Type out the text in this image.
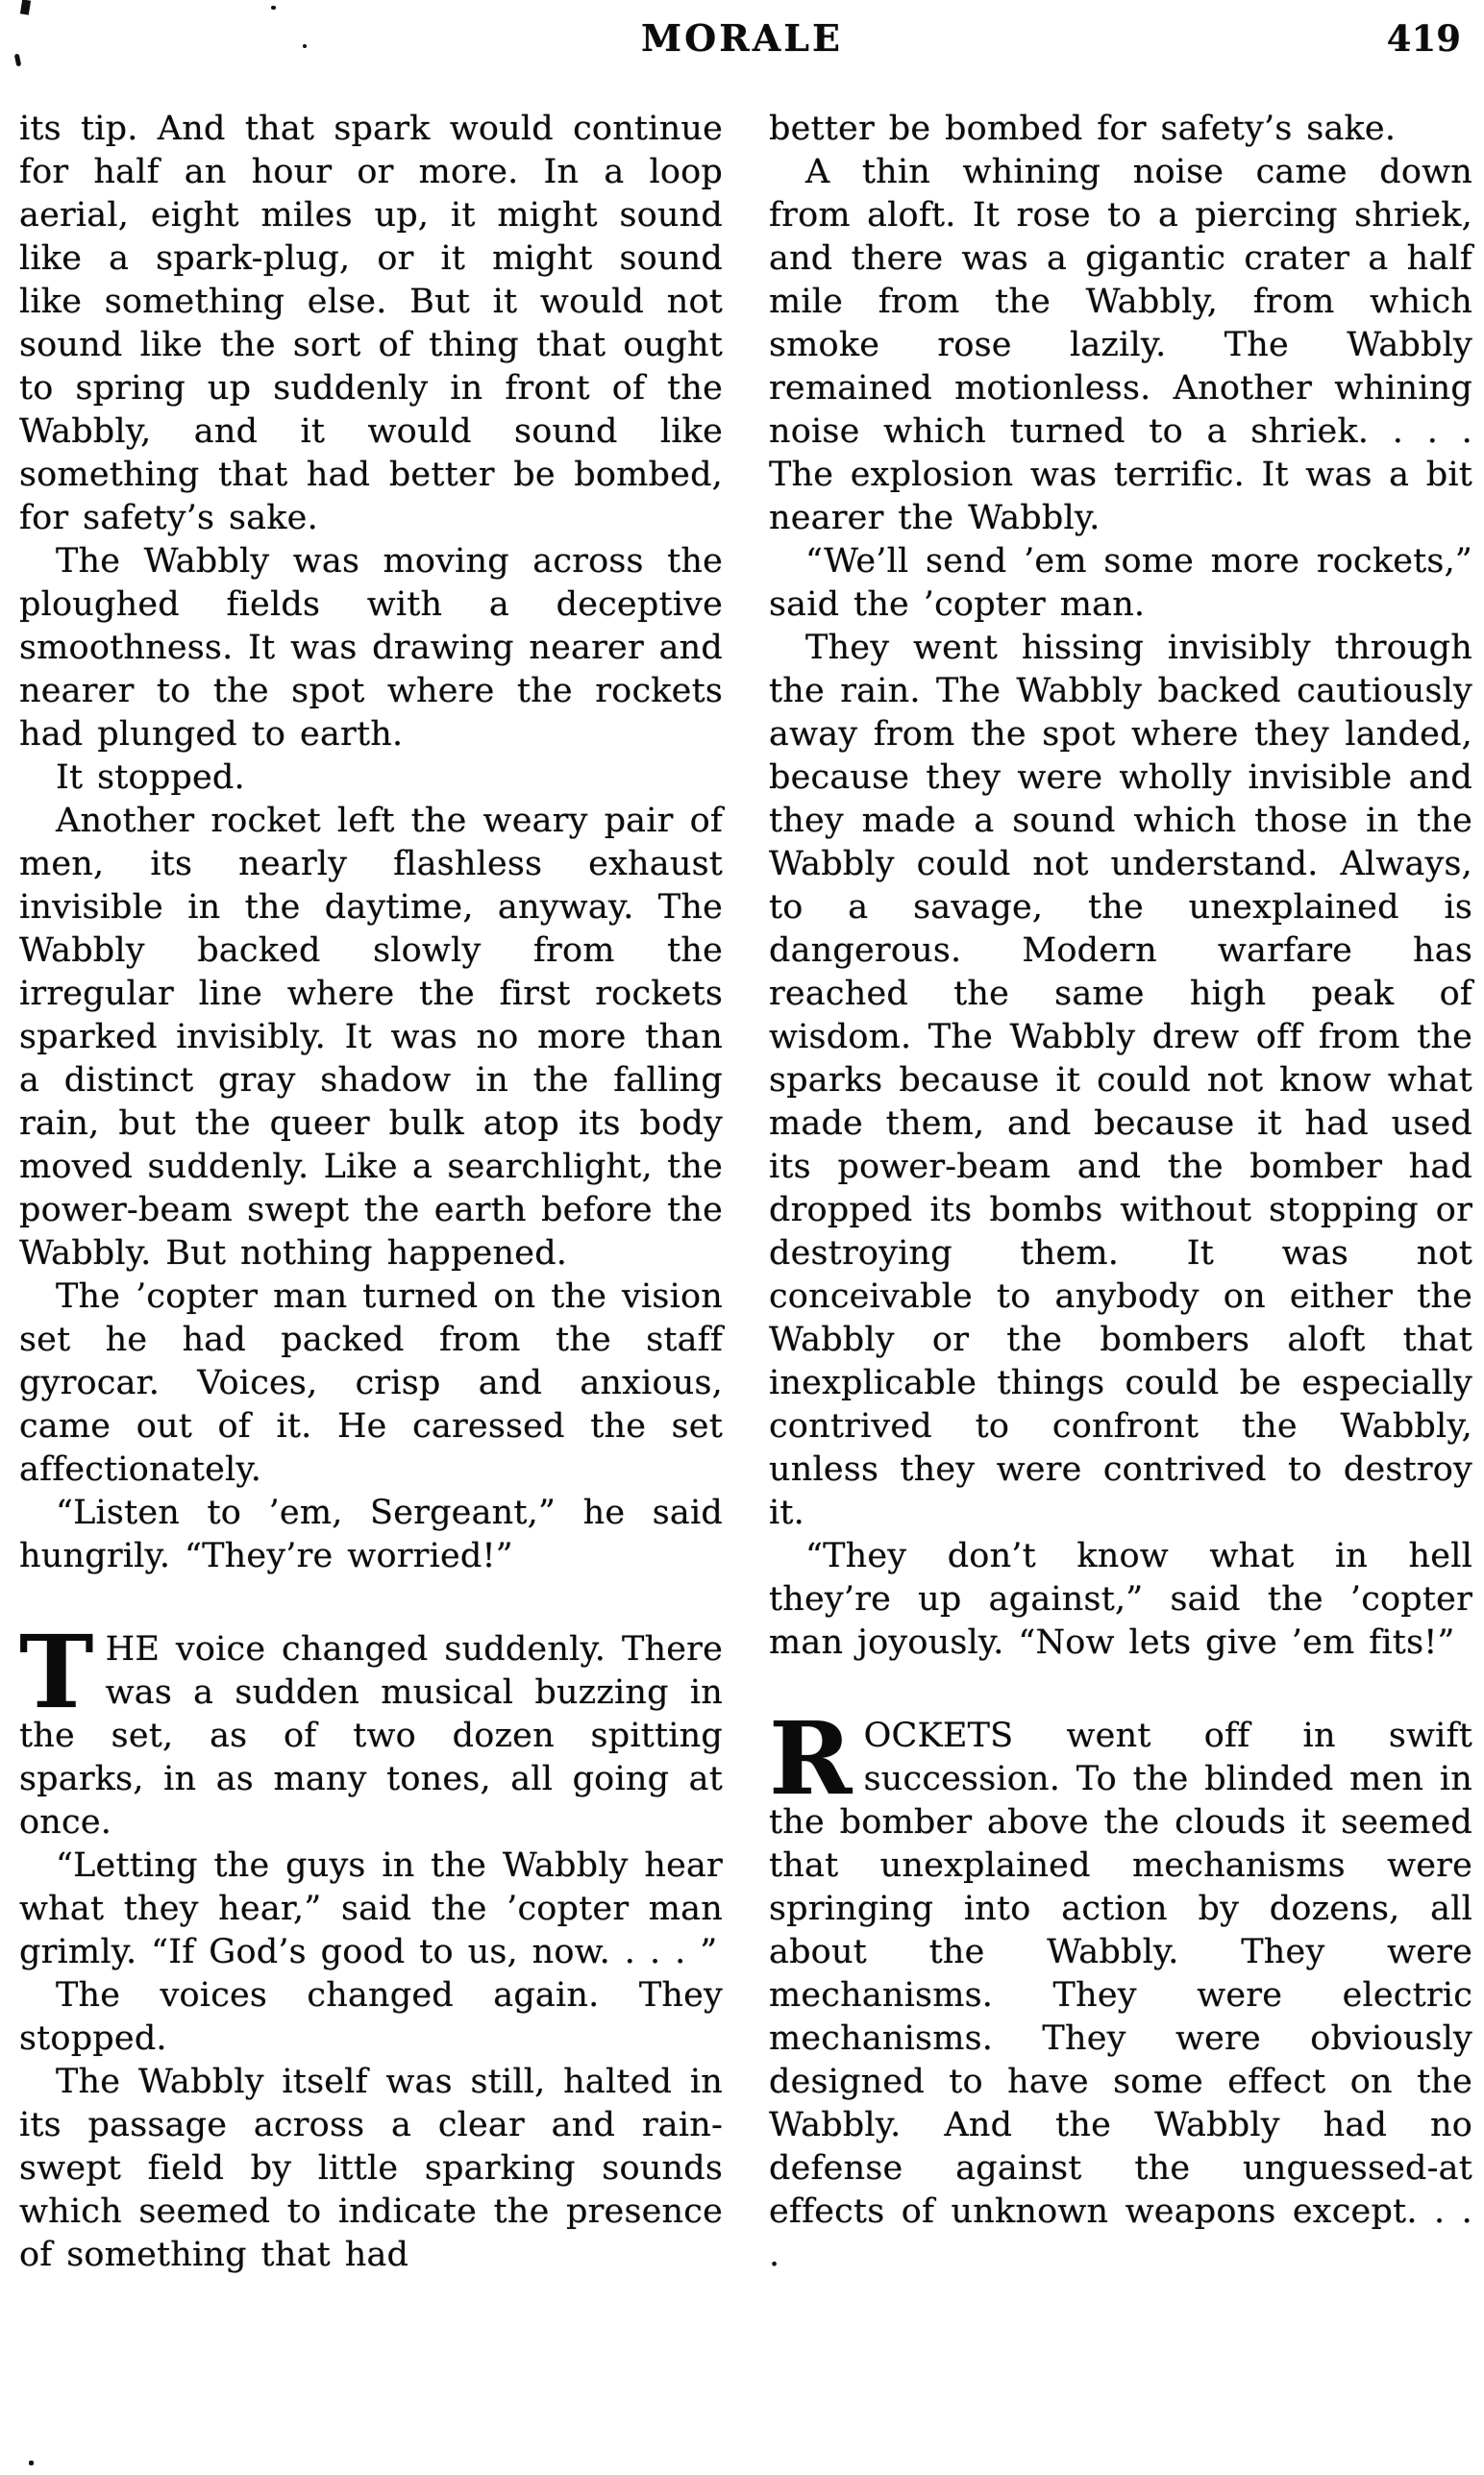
MORALE	419

its tip. And that spark would continue for half an hour or more. In a loop aerial, eight miles up, it might sound like a spark-plug, or it might sound like something else. But it would not sound like the sort of thing that ought to spring up suddenly in front of the Wabbly, and it would sound like something that had better be bombed, for safety’s sake.

The Wabbly was moving across the ploughed fields with a deceptive smoothness. It was drawing nearer and nearer to the spot where the rockets had plunged to earth.

It stopped.

Another rocket left the weary pair of men, its nearly flashless exhaust invisible in the daytime, anyway. The Wabbly backed slowly from the irregular line where the first rockets sparked invisibly. It was no more than a distinct gray shadow in the falling rain, but the queer bulk atop its body moved suddenly. Like a searchlight, the power-beam swept the earth before the Wabbly. But nothing happened.

The ’copter man turned on the vision set he had packed from the staff gyrocar. Voices, crisp and anxious, came out of it. He caressed the set affectionately.

“Listen to ’em, Sergeant,” he said hungrily. “They’re worried!”

THE voice changed suddenly. There was a sudden musical buzzing in the set, as of two dozen spitting sparks, in as many tones, all going at once.

“Letting the guys in the Wabbly hear what they hear,” said the ’copter man grimly. “If God’s good to us, now. . . . ”

The voices changed again. They stopped.

The Wabbly itself was still, halted in its passage across a clear and rain-swept field by little sparking sounds which seemed to indicate the presence of something that had

better be bombed for safety’s sake.

A thin whining noise came down from aloft. It rose to a piercing shriek, and there was a gigantic crater a half mile from the Wabbly, from which smoke rose lazily. The Wabbly remained motionless. Another whining noise which turned to a shriek. . . . The explosion was terrific. It was a bit nearer the Wabbly.

“We’ll send ’em some more rockets,” said the ’copter man.

They went hissing invisibly through the rain. The Wabbly backed cautiously away from the spot where they landed, because they were wholly invisible and they made a sound which those in the Wabbly could not understand. Always, to a savage, the unexplained is dangerous. Modern warfare has reached the same high peak of wisdom. The Wabbly drew off from the sparks because it could not know what made them, and because it had used its power-beam and the bomber had dropped its bombs without stopping or destroying them. It was not conceivable to anybody on either the Wabbly or the bombers aloft that inexplicable things could be especially contrived to confront the Wabbly, unless they were contrived to destroy it.

“They don’t know what in hell they’re up against,” said the ’copter man joyously. “Now lets give ’em fits!”

ROCKETS went off in swift succession. To the blinded men in the bomber above the clouds it seemed that unexplained mechanisms were springing into action by dozens, all about the Wabbly. They were mechanisms. They were electric mechanisms. They were obviously designed to have some effect on the Wabbly. And the Wabbly had no defense against the unguessed-at effects of unknown weapons except. . . .
